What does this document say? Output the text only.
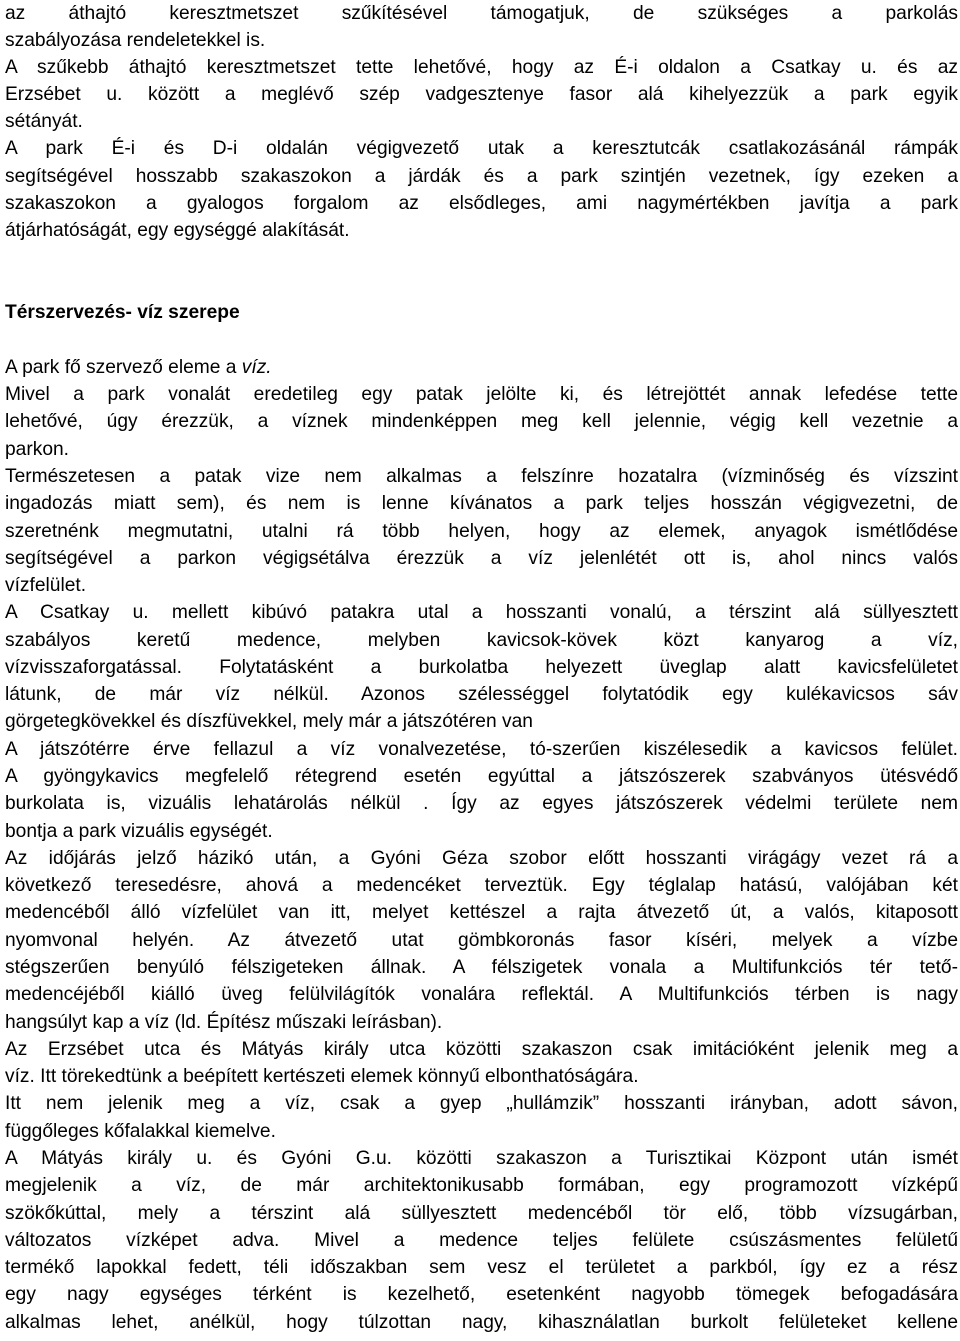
az áthajtó keresztmetszet szűkítésével támogatjuk, de szükséges a parkolás
szabályozása rendeletekkel is.
A szűkebb áthajtó keresztmetszet tette lehetővé, hogy az É-i oldalon a Csatkay u. és az
Erzsébet u. között a meglévő szép vadgesztenye fasor alá kihelyezzük a park egyik
sétányát.
A park É-i és D-i oldalán végigvezető utak a keresztutcák csatlakozásánál rámpák
segítségével hosszabb szakaszokon a járdák és a park szintjén vezetnek, így ezeken a
szakaszokon a gyalogos forgalom az elsődleges, ami nagymértékben javítja a park
átjárhatóságát, egy egységgé alakítását.
Térszervezés- víz szerepe
A park fő szervező eleme a víz.
Mivel a park vonalát eredetileg egy patak jelölte ki, és létrejöttét annak lefedése tette
lehetővé, úgy érezzük, a víznek mindenképpen meg kell jelennie, végig kell vezetnie a
parkon.
Természetesen a patak vize nem alkalmas a felszínre hozatalra (vízminőség és vízszint
ingadozás miatt sem), és nem is lenne kívánatos a park teljes hosszán végigvezetni, de
szeretnénk megmutatni, utalni rá több helyen, hogy az elemek, anyagok ismétlődése
segítségével a parkon végigsétálva érezzük a víz jelenlétét ott is, ahol nincs valós
vízfelület.
A Csatkay u. mellett kibúvó patakra utal a hosszanti vonalú, a térszint alá süllyesztett
szabályos keretű medence, melyben kavicsok-kövek közt kanyarog a víz,
vízvisszaforgatással. Folytatásként a burkolatba helyezett üveglap alatt kavicsfelületet
látunk, de már víz nélkül. Azonos szélességgel folytatódik egy kulékavicsos sáv
görgetegkövekkel és díszfüvekkel, mely már a játszótéren van
A játszótérre érve fellazul a víz vonalvezetése, tó-szerűen kiszélesedik a kavicsos felület.
A gyöngykavics megfelelő rétegrend esetén egyúttal a játszószerek szabványos ütésvédő
burkolata is, vizuális lehatárolás nélkül . Így az egyes játszószerek védelmi területe nem
bontja a park vizuális egységét.
Az időjárás jelző házikó után, a Gyóni Géza szobor előtt hosszanti virágágy vezet rá a
következő teresedésre, ahová a medencéket terveztük. Egy téglalap hatású, valójában két
medencéből álló vízfelület van itt, melyet kettészel a rajta átvezető út, a valós, kitaposott
nyomvonal helyén. Az átvezető utat gömbkoronás fasor kíséri, melyek a vízbe
stégszerűen benyúló félszigeteken állnak. A félszigetek vonala a Multifunkciós tér tető-
medencéjéből kiálló üveg felülvilágítók vonalára reflektál. A Multifunkciós térben is nagy
hangsúlyt kap a víz (ld. Építész műszaki leírásban).
Az Erzsébet utca és Mátyás király utca közötti szakaszon csak imitációként jelenik meg a
víz. Itt törekedtünk a beépített kertészeti elemek könnyű elbonthatóságára.
Itt nem jelenik meg a víz, csak a gyep „hullámzik” hosszanti irányban, adott sávon,
függőleges kőfalakkal kiemelve.
A Mátyás király u. és Gyóni G.u. közötti szakaszon a Turisztikai Központ után ismét
megjelenik a víz, de már architektonikusabb formában, egy programozott vízképű
szökőkúttal, mely a térszint alá süllyesztett medencéből tör elő, több vízsugárban,
változatos vízképet adva. Mivel a medence teljes felülete csúszásmentes felületű
termékő lapokkal fedett, téli időszakban sem vesz el területet a parkból, így ez a rész
egy nagy egységes térként is kezelhető, esetenként nagyobb tömegek befogadására
alkalmas lehet, anélkül, hogy túlzottan nagy, kihasználatlan burkolt felületeket kellene
